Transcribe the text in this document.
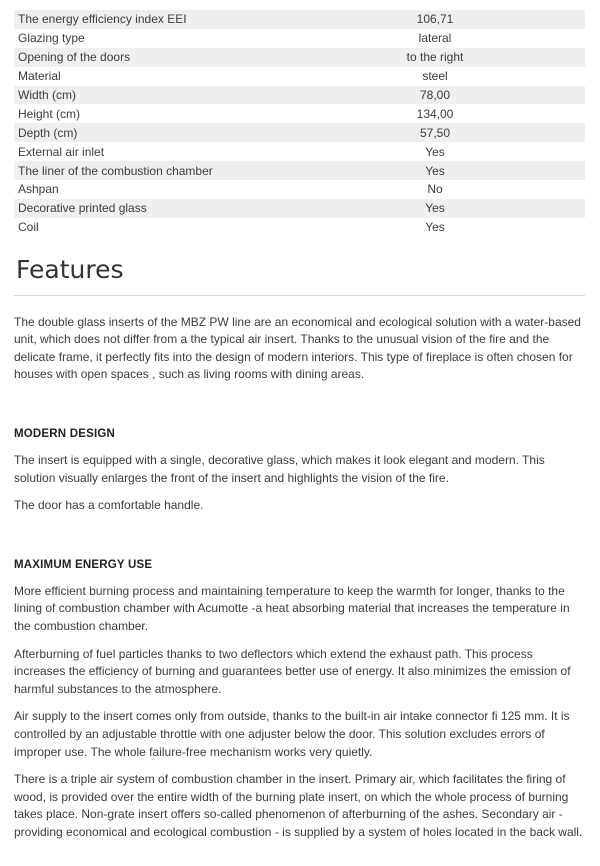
The energy efficiency index EEI	106,71
Glazing type	lateral
Opening of the doors	to the right
Material	steel
Width (cm)	78,00
Height (cm)	134,00
Depth (cm)	57,50
External air inlet	Yes
The liner of the combustion chamber	Yes
Ashpan	No
Decorative printed glass	Yes
Coil	Yes
Features

The double glass inserts of the MBZ PW line are an economical and ecological solution with a water-based unit, which does not differ from a the typical air insert. Thanks to the unusual vision of the fire and the delicate frame, it perfectly fits into the design of modern interiors. This type of fireplace is often chosen for houses with open spaces , such as living rooms with dining areas.

MODERN DESIGN

The insert is equipped with a single, decorative glass, which makes it look elegant and modern. This solution visually enlarges the front of the insert and highlights the vision of the fire.

The door has a comfortable handle.

MAXIMUM ENERGY USE

More efficient burning process and maintaining temperature to keep the warmth for longer, thanks to the lining of combustion chamber with Acumotte -a heat absorbing material that increases the temperature in the combustion chamber.

Afterburning of fuel particles thanks to two deflectors which extend the exhaust path. This process increases the efficiency of burning and guarantees better use of energy. It also minimizes the emission of harmful substances to the atmosphere.

Air supply to the insert comes only from outside, thanks to the built-in air intake connector fi 125 mm. It is controlled by an adjustable throttle with one adjuster below the door. This solution excludes errors of improper use. The whole failure-free mechanism works very quietly.

There is a triple air system of combustion chamber in the insert. Primary air, which facilitates the firing of wood, is provided over the entire width of the burning plate insert, on which the whole process of burning takes place. Non-grate insert offers so-called phenomenon of afterburning of the ashes. Secondary air - providing economical and ecological combustion - is supplied by a system of holes located in the back wall.
